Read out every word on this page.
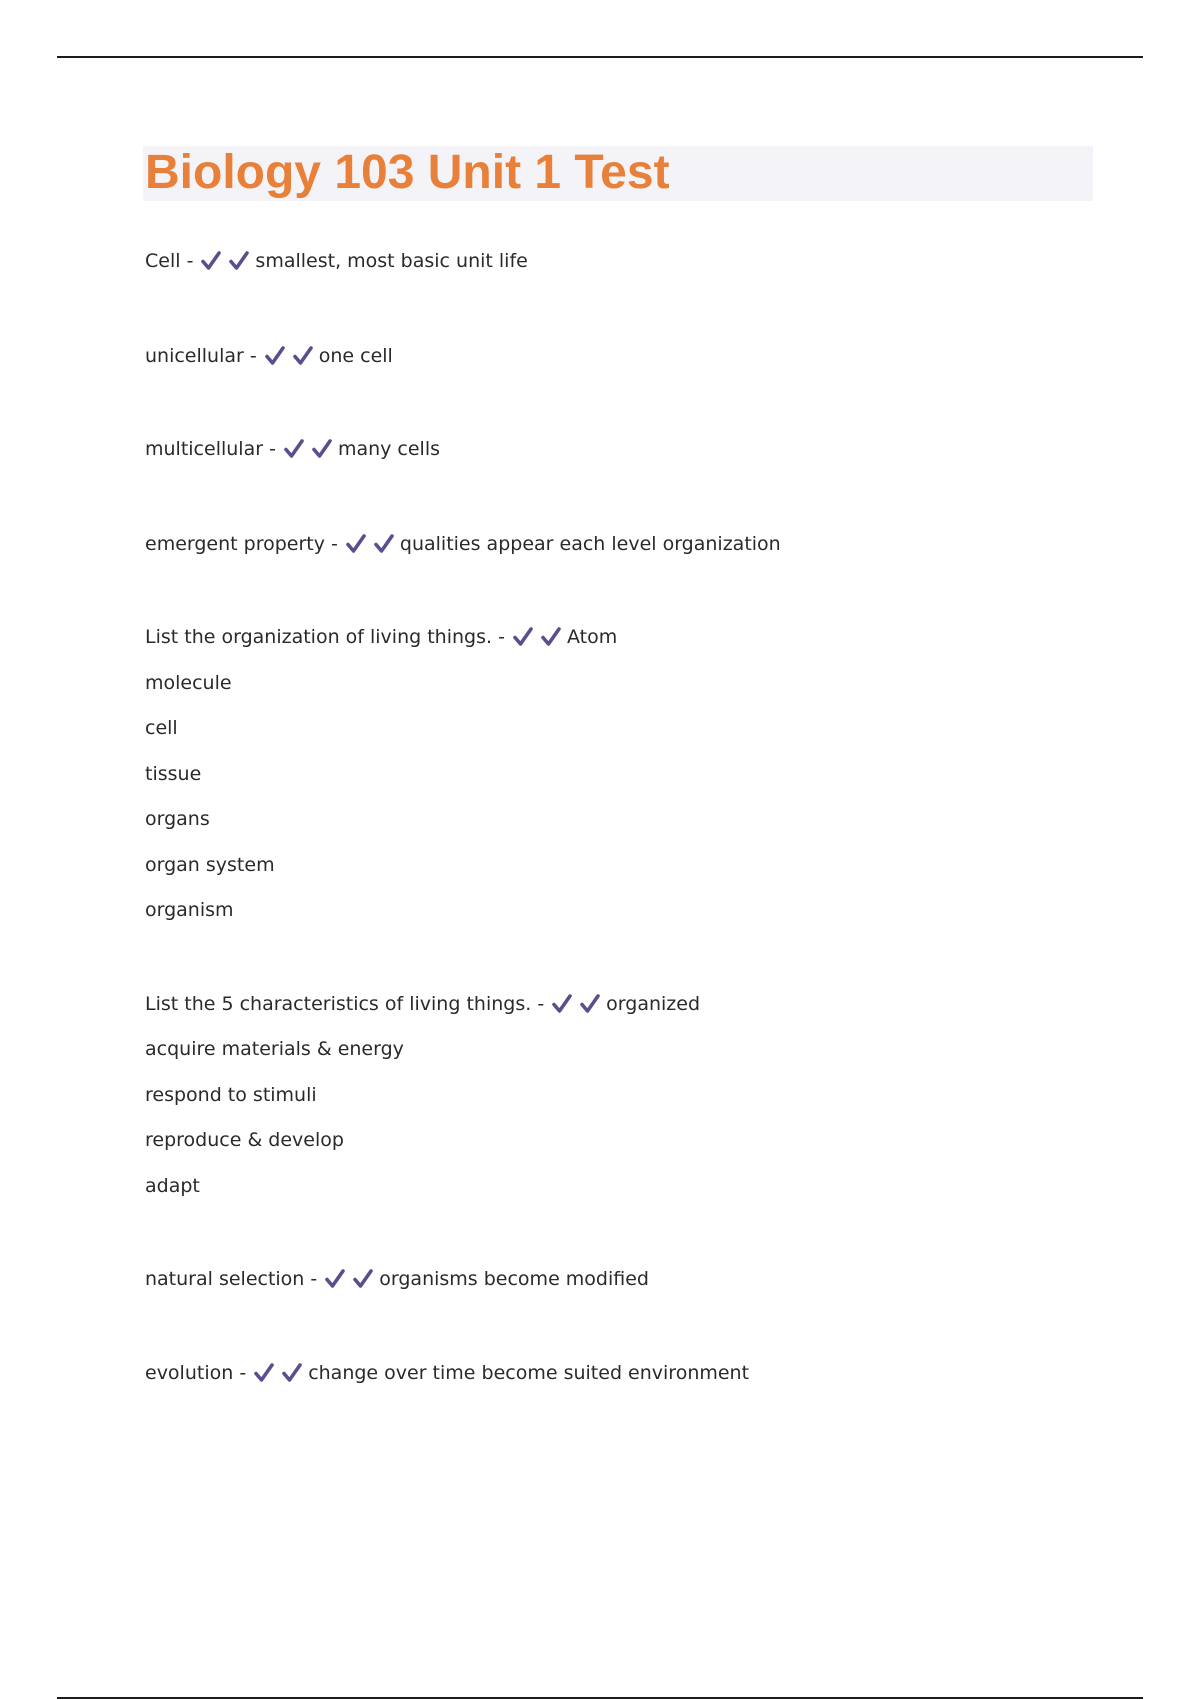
Biology 103 Unit 1 Test
Cell
-	smallest, most basic unit life
unicellular
-	one cell
multicellular
-	many cells
emergent property
-	qualities appear each level organization
List the organization of living things.
-	Atom
molecule
cell
tissue
organs
organ system
organism
List the 5 characteristics of living things.
-	organized
acquire materials & energy
respond to stimuli
reproduce & develop
adapt
natural selection
-	organisms become modified
evolution
-	change over time become suited environment
